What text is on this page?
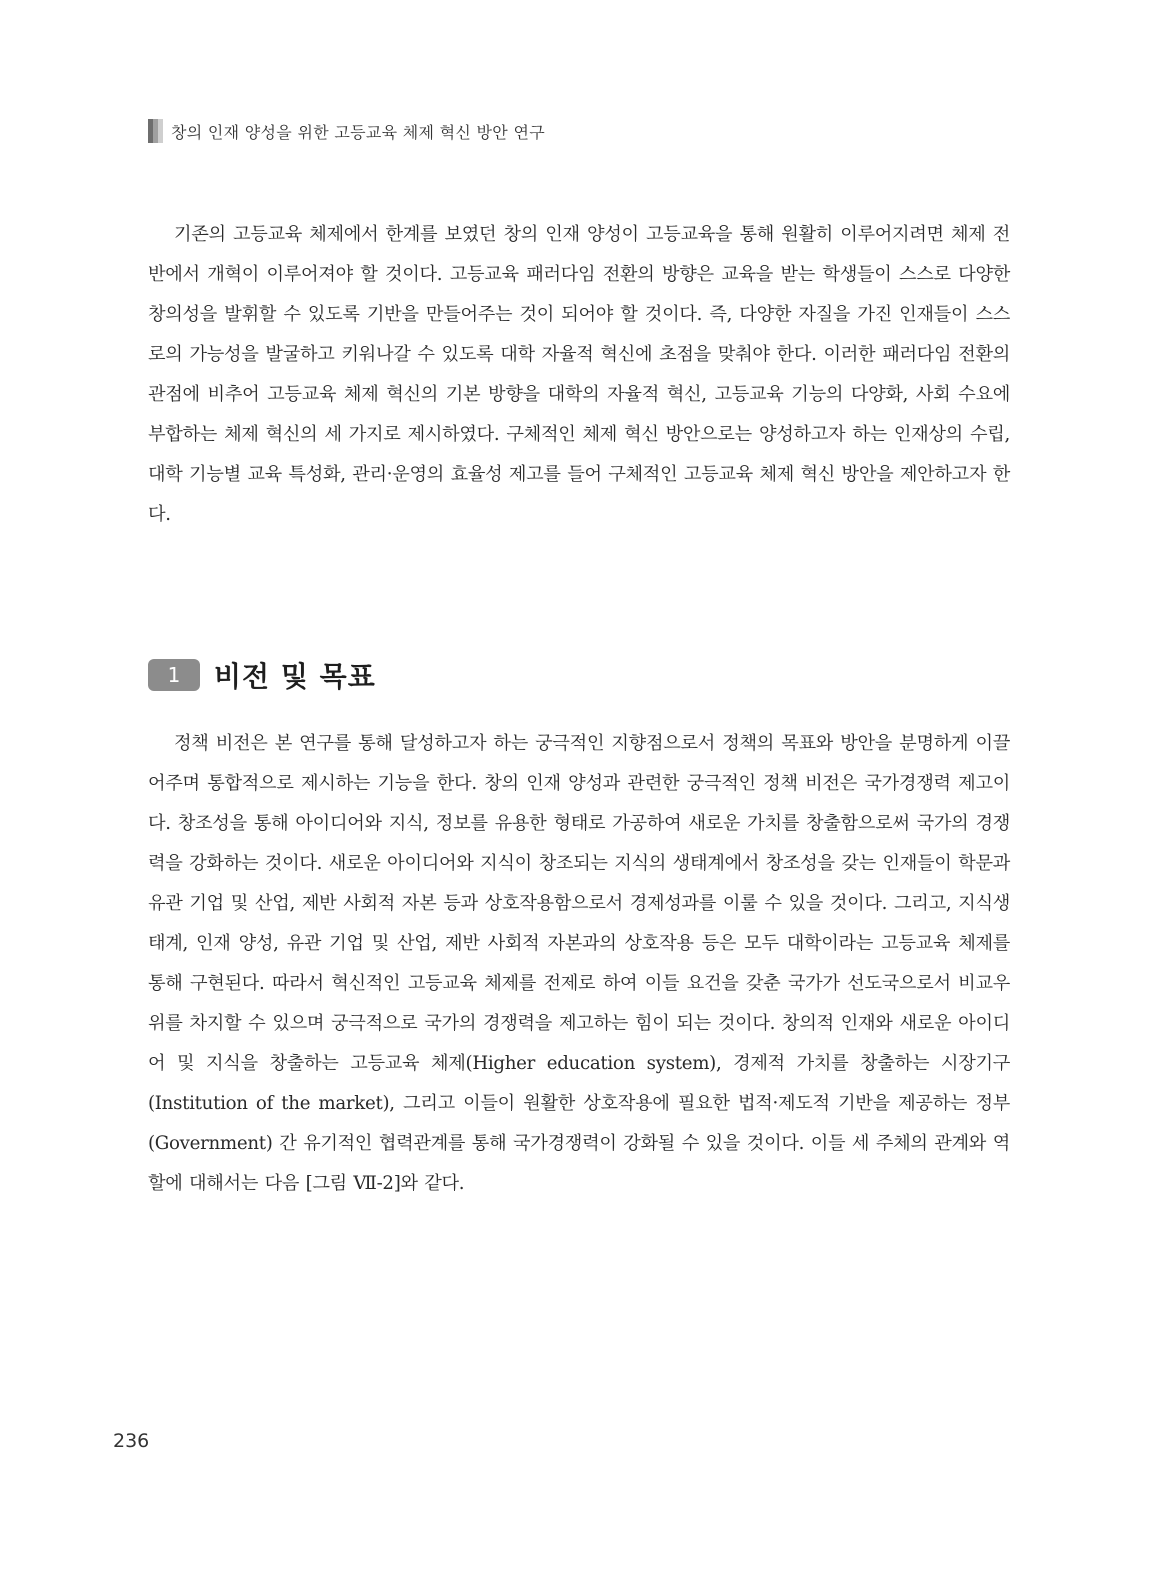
창의 인재 양성을 위한 고등교육 체제 혁신 방안 연구

기존의 고등교육 체제에서 한계를 보였던 창의 인재 양성이 고등교육을 통해 원활히 이루어지려면 체제 전반에서 개혁이 이루어져야 할 것이다. 고등교육 패러다임 전환의 방향은 교육을 받는 학생들이 스스로 다양한 창의성을 발휘할 수 있도록 기반을 만들어주는 것이 되어야 할 것이다. 즉, 다양한 자질을 가진 인재들이 스스로의 가능성을 발굴하고 키워나갈 수 있도록 대학 자율적 혁신에 초점을 맞춰야 한다. 이러한 패러다임 전환의 관점에 비추어 고등교육 체제 혁신의 기본 방향을 대학의 자율적 혁신, 고등교육 기능의 다양화, 사회 수요에 부합하는 체제 혁신의 세 가지로 제시하였다. 구체적인 체제 혁신 방안으로는 양성하고자 하는 인재상의 수립, 대학 기능별 교육 특성화, 관리·운영의 효율성 제고를 들어 구체적인 고등교육 체제 혁신 방안을 제안하고자 한다.

1	비전 및 목표

정책 비전은 본 연구를 통해 달성하고자 하는 궁극적인 지향점으로서 정책의 목표와 방안을 분명하게 이끌어주며 통합적으로 제시하는 기능을 한다. 창의 인재 양성과 관련한 궁극적인 정책 비전은 국가경쟁력 제고이다. 창조성을 통해 아이디어와 지식, 정보를 유용한 형태로 가공하여 새로운 가치를 창출함으로써 국가의 경쟁력을 강화하는 것이다. 새로운 아이디어와 지식이 창조되는 지식의 생태계에서 창조성을 갖는 인재들이 학문과 유관 기업 및 산업, 제반 사회적 자본 등과 상호작용함으로서 경제성과를 이룰 수 있을 것이다. 그리고, 지식생태계, 인재 양성, 유관 기업 및 산업, 제반 사회적 자본과의 상호작용 등은 모두 대학이라는 고등교육 체제를 통해 구현된다. 따라서 혁신적인 고등교육 체제를 전제로 하여 이들 요건을 갖춘 국가가 선도국으로서 비교우위를 차지할 수 있으며 궁극적으로 국가의 경쟁력을 제고하는 힘이 되는 것이다. 창의적 인재와 새로운 아이디어 및 지식을 창출하는 고등교육 체제(Higher education system), 경제적 가치를 창출하는 시장기구(Institution of the market), 그리고 이들이 원활한 상호작용에 필요한 법적·제도적 기반을 제공하는 정부(Government) 간 유기적인 협력관계를 통해 국가경쟁력이 강화될 수 있을 것이다. 이들 세 주체의 관계와 역할에 대해서는 다음 [그림 Ⅶ-2]와 같다.

236
